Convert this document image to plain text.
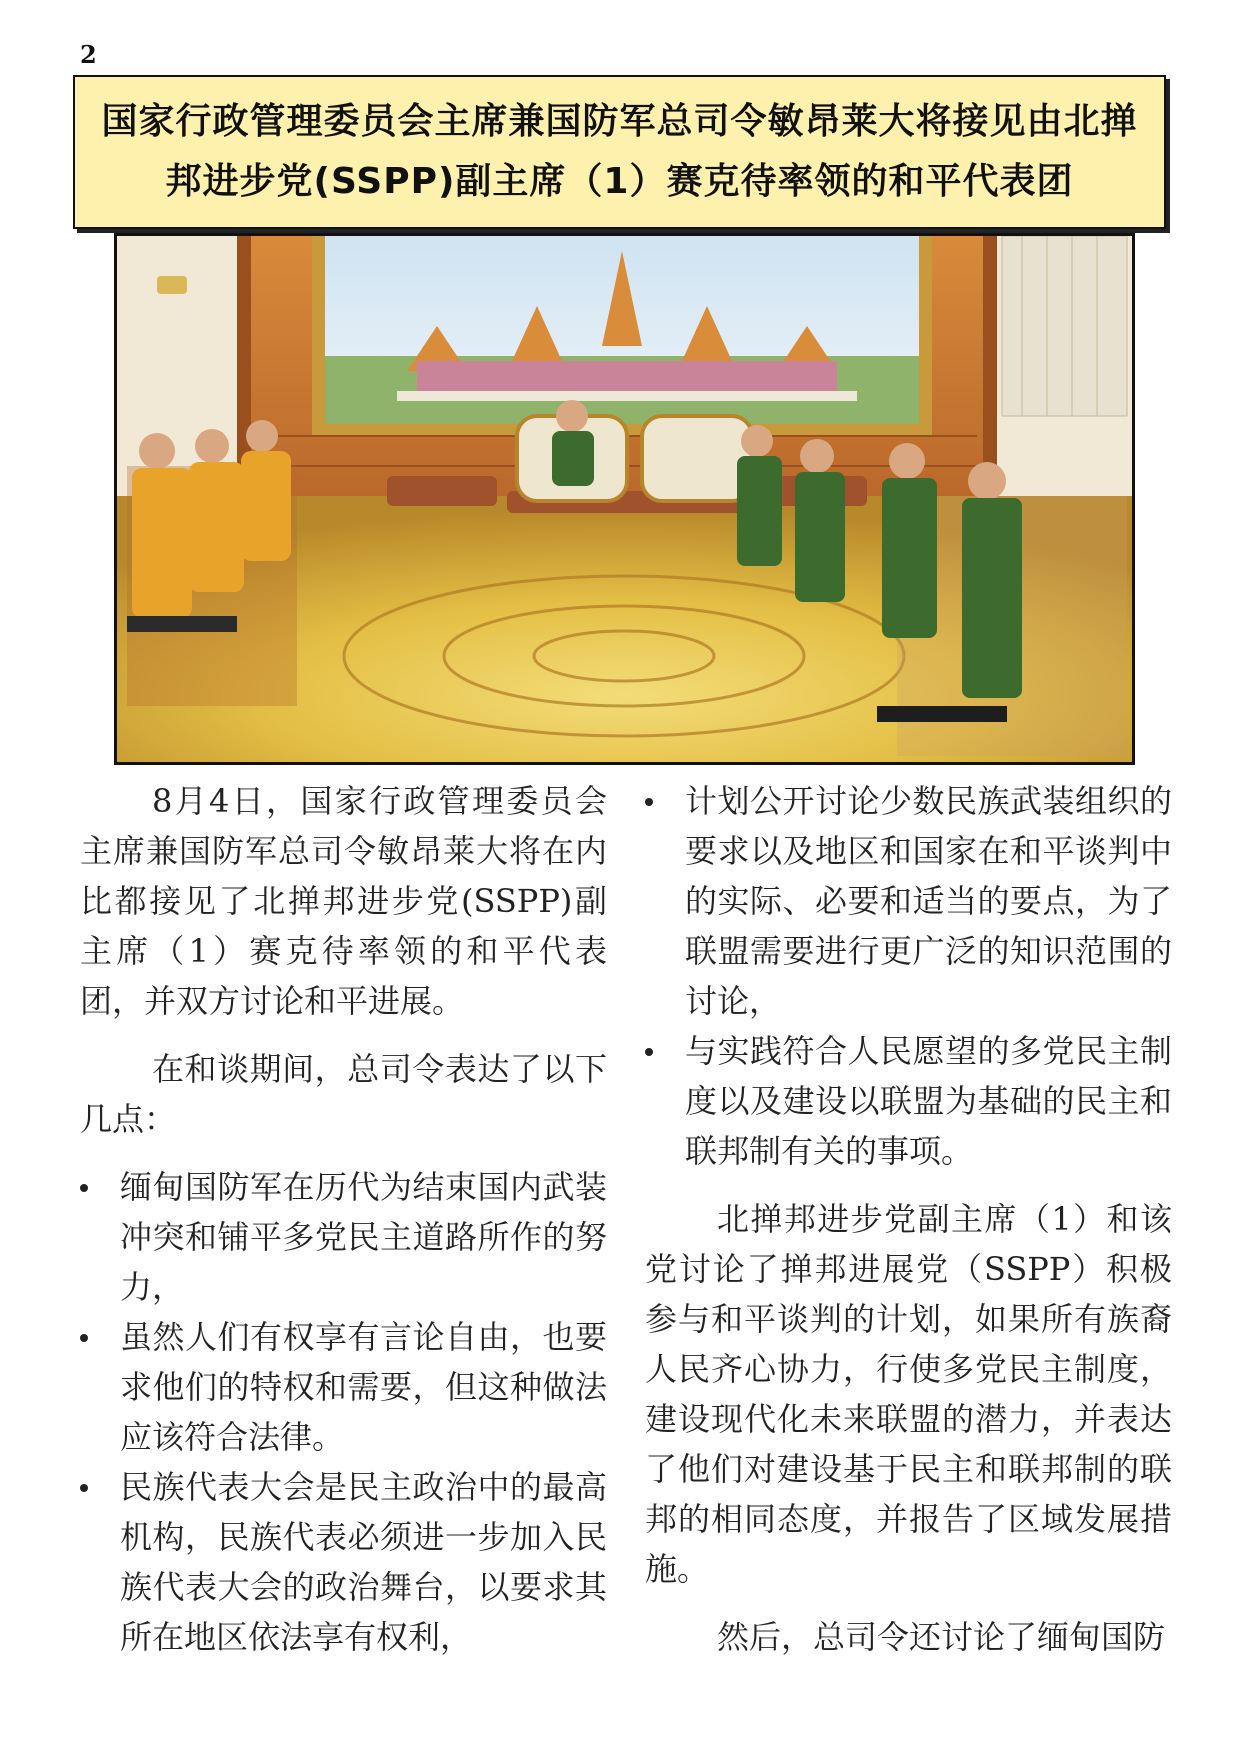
2
国家行政管理委员会主席兼国防军总司令敏昂莱大将接见由北掸
邦进步党(SSPP)副主席（1）赛克待率领的和平代表团

8月4日，国家行政管理委员会主席兼国防军总司令敏昂莱大将在内比都接见了北掸邦进步党(SSPP)副主席（1）赛克待率领的和平代表团，并双方讨论和平进展。

在和谈期间，总司令表达了以下几点：

缅甸国防军在历代为结束国内武装冲突和铺平多党民主道路所作的努力，
虽然人们有权享有言论自由，也要求他们的特权和需要，但这种做法应该符合法律。
民族代表大会是民主政治中的最高机构，民族代表必须进一步加入民族代表大会的政治舞台，以要求其所在地区依法享有权利，
计划公开讨论少数民族武装组织的要求以及地区和国家在和平谈判中的实际、必要和适当的要点，为了联盟需要进行更广泛的知识范围的讨论，
与实践符合人民愿望的多党民主制度以及建设以联盟为基础的民主和联邦制有关的事项。

北掸邦进步党副主席（1）和该党讨论了掸邦进展党（SSPP）积极参与和平谈判的计划，如果所有族裔人民齐心协力，行使多党民主制度，建设现代化未来联盟的潜力，并表达了他们对建设基于民主和联邦制的联邦的相同态度，并报告了区域发展措施。

然后，总司令还讨论了缅甸国防
